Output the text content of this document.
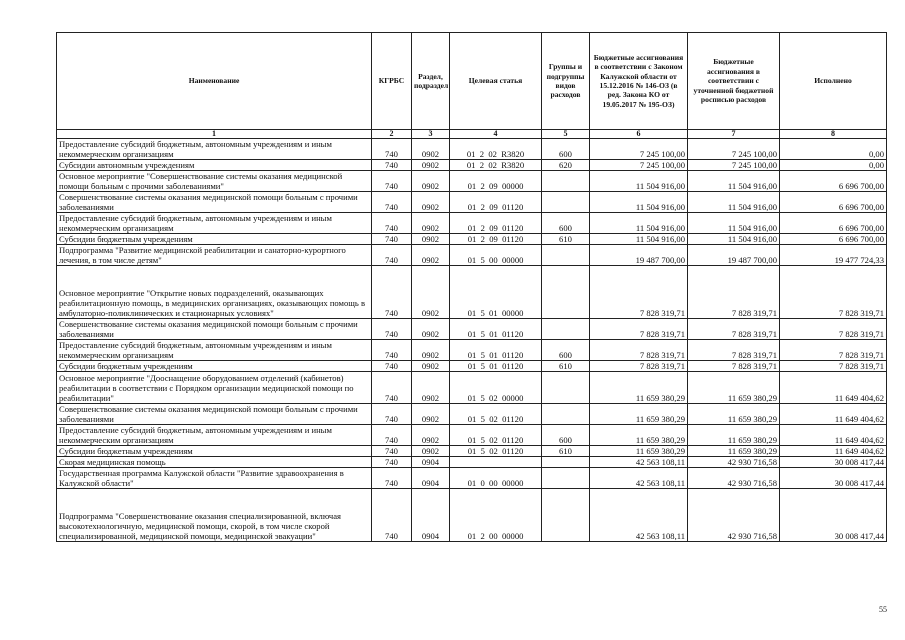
Наименование	КГРБС	Раздел, подраздел	Целевая статья	Группы и подгруппы видов расходов	Бюджетные ассигнования в соответствии с Законом Калужской области от 15.12.2016 № 146-ОЗ (в ред. Закона КО от 19.05.2017 № 195-ОЗ)	Бюджетные ассигнования в соответствии с уточненной бюджетной росписью расходов	Исполнено
1	2	3	4	5	6	7	8
Предоставление субсидий бюджетным, автономным учреждениям и иным некоммерческим организациям	740	0902	01  2  02  R3820	600	7 245 100,00	7 245 100,00	0,00
Субсидии автономным учреждениям	740	0902	01  2  02  R3820	620	7 245 100,00	7 245 100,00	0,00
Основное мероприятие "Совершенствование системы оказания медицинской помощи больным с прочими заболеваниями"	740	0902	01  2  09  00000		11 504 916,00	11 504 916,00	6 696 700,00
Совершенствование системы оказания медицинской помощи больным с прочими заболеваниями	740	0902	01  2  09  01120		11 504 916,00	11 504 916,00	6 696 700,00
Предоставление субсидий бюджетным, автономным учреждениям и иным некоммерческим организациям	740	0902	01  2  09  01120	600	11 504 916,00	11 504 916,00	6 696 700,00
Субсидии бюджетным учреждениям	740	0902	01  2  09  01120	610	11 504 916,00	11 504 916,00	6 696 700,00
Подпрограмма "Развитие медицинской реабилитации и санаторно-курортного лечения, в том числе детям"	740	0902	01  5  00  00000		19 487 700,00	19 487 700,00	19 477 724,33
Основное мероприятие "Открытие новых подразделений, оказывающих реабилитационную помощь, в медицинских организациях, оказывающих помощь в амбулаторно-поликлинических и стационарных условиях"	740	0902	01  5  01  00000		7 828 319,71	7 828 319,71	7 828 319,71
Совершенствование системы оказания медицинской помощи больным с прочими заболеваниями	740	0902	01  5  01  01120		7 828 319,71	7 828 319,71	7 828 319,71
Предоставление субсидий бюджетным, автономным учреждениям и иным некоммерческим организациям	740	0902	01  5  01  01120	600	7 828 319,71	7 828 319,71	7 828 319,71
Субсидии бюджетным учреждениям	740	0902	01  5  01  01120	610	7 828 319,71	7 828 319,71	7 828 319,71
Основное мероприятие "Дооснащение оборудованием отделений (кабинетов) реабилитации в соответствии с Порядком организации медицинской помощи по реабилитации"	740	0902	01  5  02  00000		11 659 380,29	11 659 380,29	11 649 404,62
Совершенствование системы оказания медицинской помощи больным с прочими заболеваниями	740	0902	01  5  02  01120		11 659 380,29	11 659 380,29	11 649 404,62
Предоставление субсидий бюджетным, автономным учреждениям и иным некоммерческим организациям	740	0902	01  5  02  01120	600	11 659 380,29	11 659 380,29	11 649 404,62
Субсидии бюджетным учреждениям	740	0902	01  5  02  01120	610	11 659 380,29	11 659 380,29	11 649 404,62
Скорая медицинская помощь	740	0904			42 563 108,11	42 930 716,58	30 008 417,44
Государственная программа Калужской области "Развитие здравоохранения в Калужской области"	740	0904	01  0  00  00000		42 563 108,11	42 930 716,58	30 008 417,44
Подпрограмма "Совершенствование оказания специализированной, включая высокотехнологичную, медицинской помощи, скорой, в том числе скорой специализированной, медицинской помощи, медицинской эвакуации"	740	0904	01  2  00  00000		42 563 108,11	42 930 716,58	30 008 417,44
55
